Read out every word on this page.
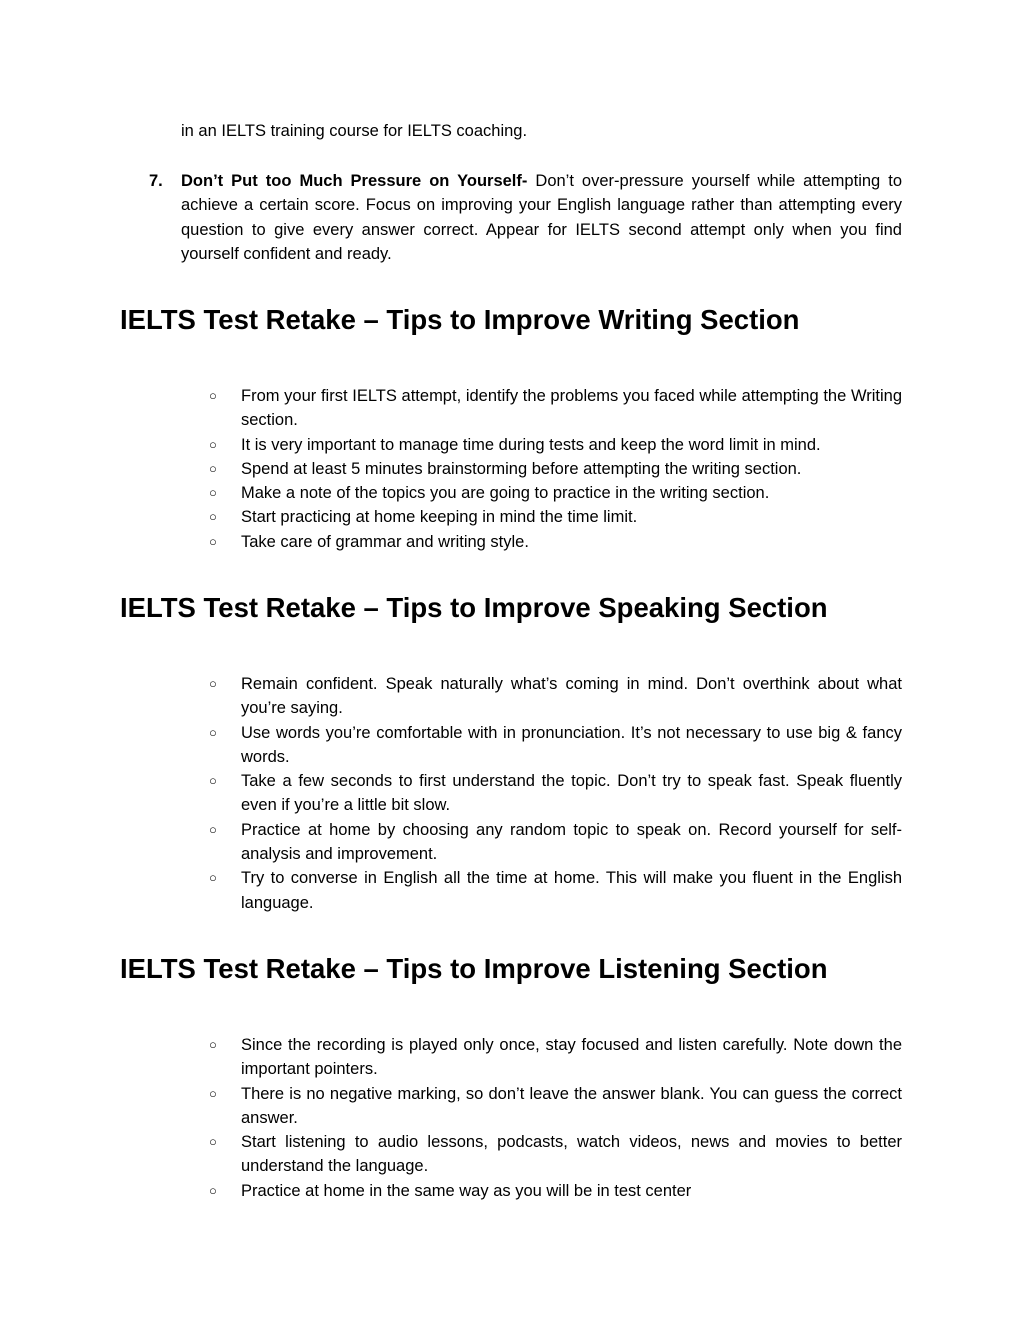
in an IELTS training course for IELTS coaching.

7. Don’t Put too Much Pressure on Yourself- Don’t over-pressure yourself while attempting to achieve a certain score. Focus on improving your English language rather than attempting every question to give every answer correct. Appear for IELTS second attempt only when you find yourself confident and ready.
IELTS Test Retake – Tips to Improve Writing Section
○ From your first IELTS attempt, identify the problems you faced while attempting the Writing section.
○ It is very important to manage time during tests and keep the word limit in mind.
○ Spend at least 5 minutes brainstorming before attempting the writing section.
○ Make a note of the topics you are going to practice in the writing section.
○ Start practicing at home keeping in mind the time limit.
○ Take care of grammar and writing style.
IELTS Test Retake – Tips to Improve Speaking Section
○ Remain confident. Speak naturally what’s coming in mind. Don’t overthink about what you’re saying.
○ Use words you’re comfortable with in pronunciation. It’s not necessary to use big & fancy words.
○ Take a few seconds to first understand the topic. Don’t try to speak fast. Speak fluently even if you’re a little bit slow.
○ Practice at home by choosing any random topic to speak on. Record yourself for self-analysis and improvement.
○ Try to converse in English all the time at home. This will make you fluent in the English language.
IELTS Test Retake – Tips to Improve Listening Section
○ Since the recording is played only once, stay focused and listen carefully. Note down the important pointers.
○ There is no negative marking, so don’t leave the answer blank. You can guess the correct answer.
○ Start listening to audio lessons, podcasts, watch videos, news and movies to better understand the language.
○ Practice at home in the same way as you will be in test center
